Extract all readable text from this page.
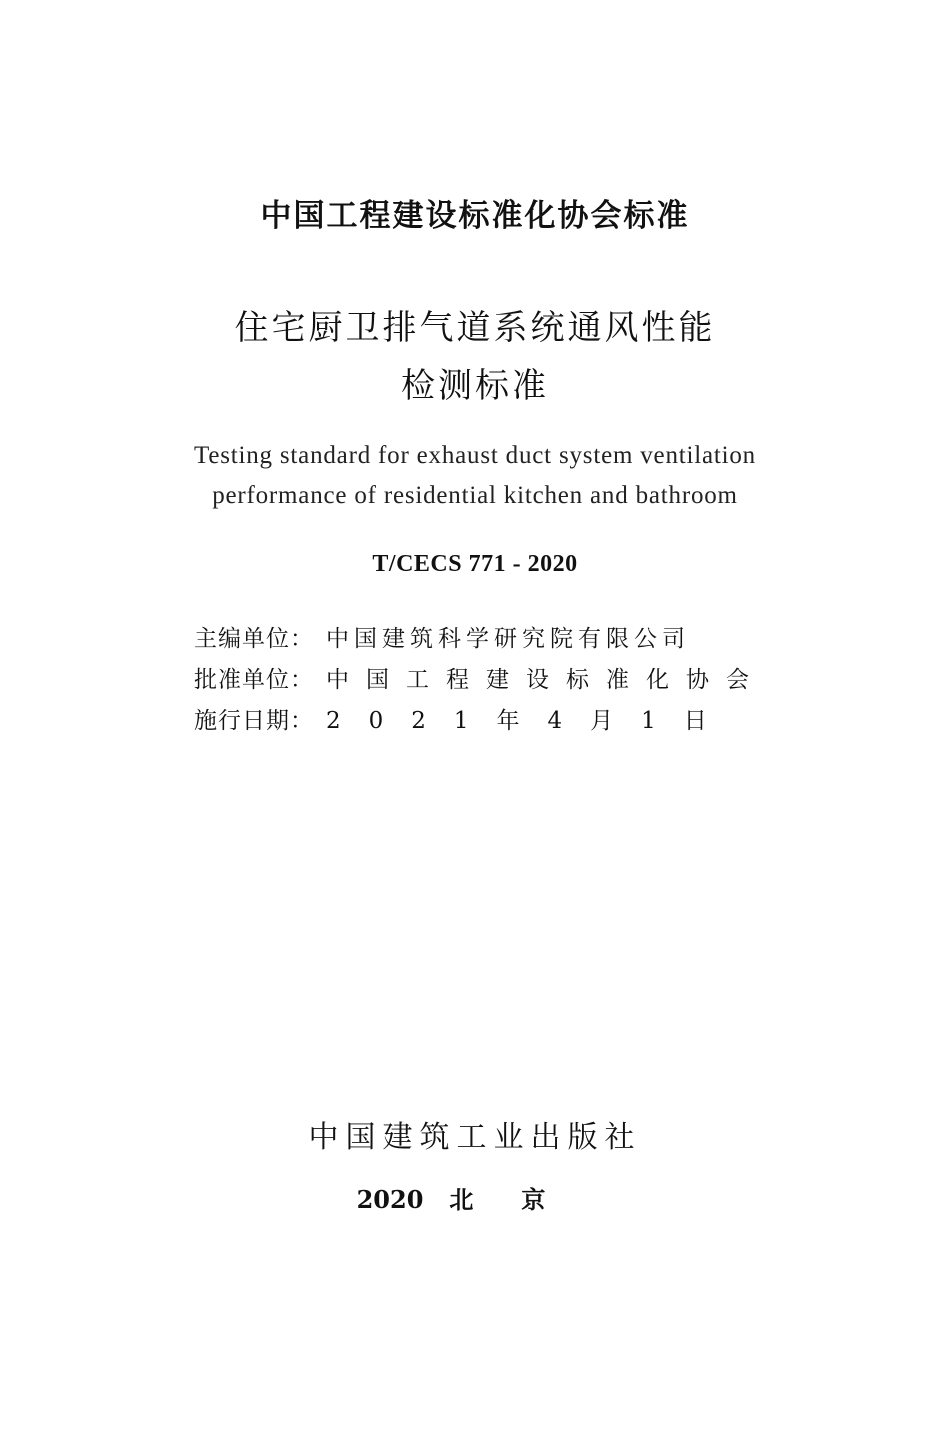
中国工程建设标准化协会标准
住宅厨卫排气道系统通风性能
检测标准
Testing standard for exhaust duct system ventilation
performance of residential kitchen and bathroom
T/CECS 771 - 2020
主编单位： 中国建筑科学研究院有限公司
批准单位： 中国工程建设标准化协会
施行日期： 2021年4月1日
中国建筑工业出版社
2020 北京
